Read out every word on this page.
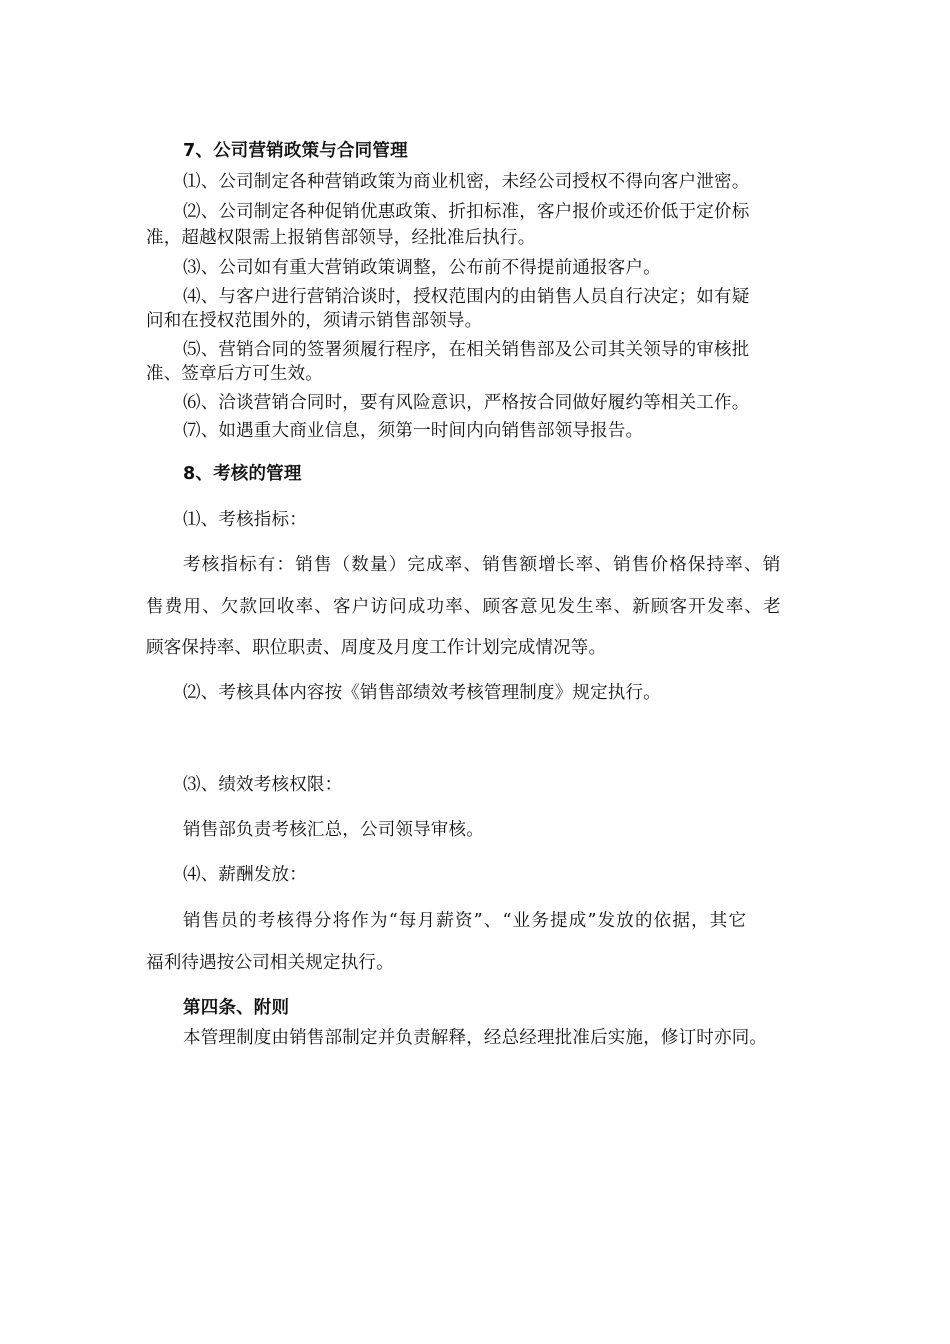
7、公司营销政策与合同管理
⑴、公司制定各种营销政策为商业机密，未经公司授权不得向客户泄密。
⑵、公司制定各种促销优惠政策、折扣标准，客户报价或还价低于定价标
准，超越权限需上报销售部领导，经批准后执行。
⑶、公司如有重大营销政策调整，公布前不得提前通报客户。
⑷、与客户进行营销洽谈时，授权范围内的由销售人员自行决定；如有疑
问和在授权范围外的，须请示销售部领导。
⑸、营销合同的签署须履行程序，在相关销售部及公司其关领导的审核批
准、签章后方可生效。
⑹、洽谈营销合同时，要有风险意识，严格按合同做好履约等相关工作。
⑺、如遇重大商业信息，须第一时间内向销售部领导报告。
8、考核的管理
⑴、考核指标：
考核指标有：销售（数量）完成率、销售额增长率、销售价格保持率、销
售费用、欠款回收率、客户访问成功率、顾客意见发生率、新顾客开发率、老
顾客保持率、职位职责、周度及月度工作计划完成情况等。
⑵、考核具体内容按《销售部绩效考核管理制度》规定执行。
⑶、绩效考核权限：
销售部负责考核汇总，公司领导审核。
⑷、薪酬发放：
销售员的考核得分将作为“每月薪资”、“业务提成”发放的依据，其它
福利待遇按公司相关规定执行。
第四条、附则
本管理制度由销售部制定并负责解释，经总经理批准后实施，修订时亦同。
